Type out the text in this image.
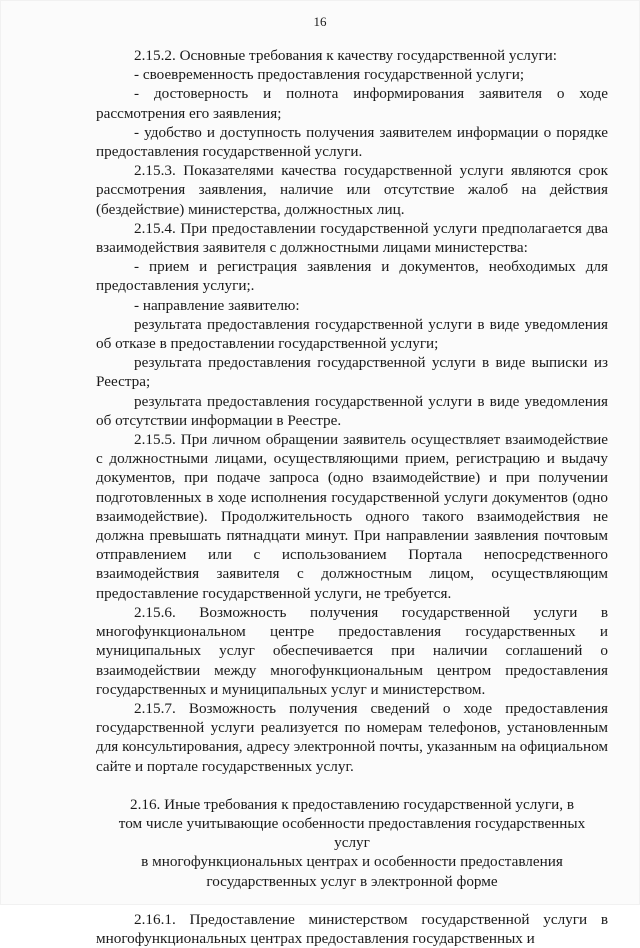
16

2.15.2. Основные требования к качеству государственной услуги:

- своевременность предоставления государственной услуги;

- достоверность и полнота информирования заявителя о ходе рассмотрения его заявления;

- удобство и доступность получения заявителем информации о порядке предоставления государственной услуги.

2.15.3. Показателями качества государственной услуги являются срок рассмотрения заявления, наличие или отсутствие жалоб на действия (бездействие) министерства, должностных лиц.

2.15.4. При предоставлении государственной услуги предполагается два взаимодействия заявителя с должностными лицами министерства:

- прием и регистрация заявления и документов, необходимых для предоставления услуги;.

- направление заявителю:

результата предоставления государственной услуги в виде уведомления об отказе в предоставлении государственной услуги;

результата предоставления государственной услуги в виде выписки из Реестра;

результата предоставления государственной услуги в виде уведомления об отсутствии информации в Реестре.

2.15.5. При личном обращении заявитель осуществляет взаимодействие с должностными лицами, осуществляющими прием, регистрацию и выдачу документов, при подаче запроса (одно взаимодействие) и при получении подготовленных в ходе исполнения государственной услуги документов (одно взаимодействие). Продолжительность одного такого взаимодействия не должна превышать пятнадцати минут. При направлении заявления почтовым отправлением или с использованием Портала непосредственного взаимодействия заявителя с должностным лицом, осуществляющим предоставление государственной услуги, не требуется.

2.15.6. Возможность получения государственной услуги в многофункциональном центре предоставления государственных и муниципальных услуг обеспечивается при наличии соглашений о взаимодействии между многофункциональным центром предоставления государственных и муниципальных услуг и министерством.

2.15.7. Возможность получения сведений о ходе предоставления государственной услуги реализуется по номерам телефонов, установленным для консультирования, адресу электронной почты, указанным на официальном сайте и портале государственных услуг.

2.16. Иные требования к предоставлению государственной услуги, в
том числе учитывающие особенности предоставления государственных услуг
в многофункциональных центрах и особенности предоставления
государственных услуг в электронной форме

2.16.1. Предоставление министерством государственной услуги в многофункциональных центрах предоставления государственных и
